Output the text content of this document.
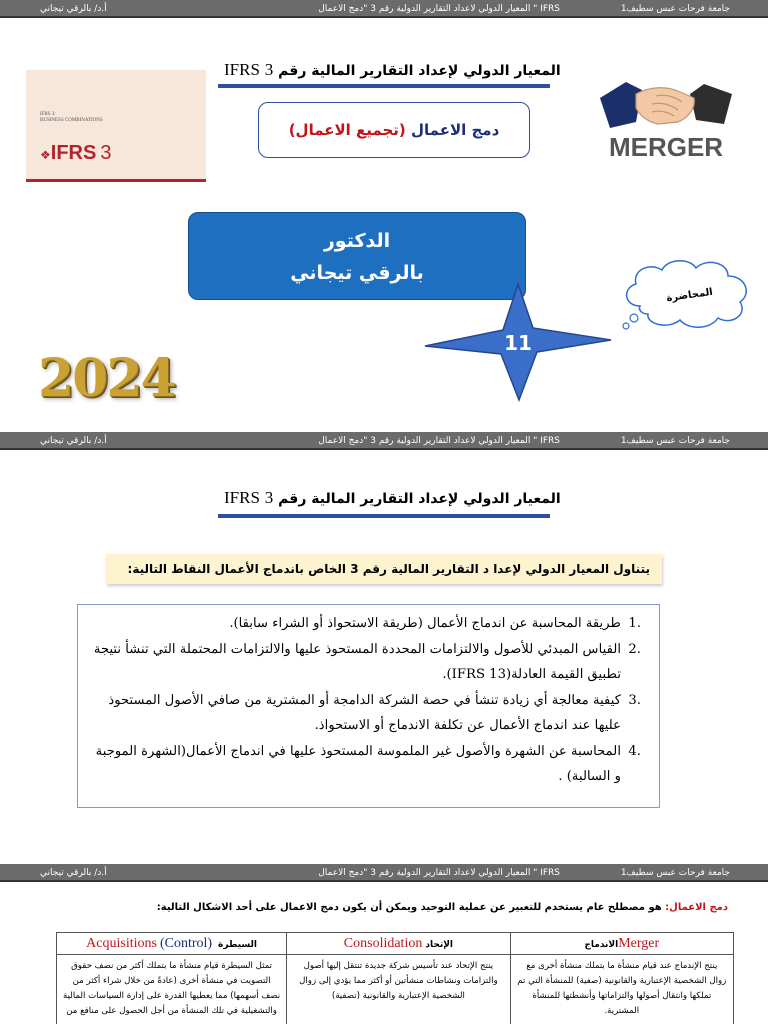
جامعة فرحات عبس سطيف1
المعيار الدولي لاعداد التقارير الدولية رقم 3 "دمج الاعمال " IFRS
أ.د/ بالرقي تيجاني
المعيار الدولي لإعداد التقارير المالية رقم 3 IFRS
IFRS 3:
BUSINESS COMBINATIONS
❖IFRS  3	MERGER
دمج الاعمال (تجميع الاعمال)
الدكتور
بالرقي تيجاني
11
المحاضرة
2024
جامعة فرحات عبس سطيف1
المعيار الدولي لاعداد التقارير الدولية رقم 3 "دمج الاعمال " IFRS
أ.د/ بالرقي تيجاني
المعيار الدولي لإعداد التقارير المالية رقم 3 IFRS
يتناول المعيار الدولي لإعدا د التقارير المالية رقم 3 الخاص باندماج الأعمال النقاط التالية:
.1
طريقة المحاسبة عن اندماج الأعمال (طريقة الاستحواذ أو الشراء سابقا).
.2
القياس المبدئي للأصول والالتزامات المحددة المستحوذ عليها والالتزامات المحتملة التي تنشأ نتيجة تطبيق القيمة العادلة(IFRS 13).
.3
كيفية معالجة أي زيادة تنشأ في حصة الشركة الدامجة أو المشترية من صافي الأصول المستحوذ عليها عند اندماج الأعمال عن تكلفة الاندماج أو الاستحواذ.
.4
المحاسبة عن الشهرة والأصول غير الملموسة المستحوذ عليها في اندماج الأعمال(الشهرة الموجبة و السالبة) .
جامعة فرحات عبس سطيف1
المعيار الدولي لاعداد التقارير الدولية رقم 3 "دمج الاعمال " IFRS
أ.د/ بالرقي تيجاني
دمج الاعمال: هو مصطلح عام يستخدم للتعبير عن عملية التوحيد ويمكن أن يكون دمج الاعمال على أحد الاشكال التالية:
Mergerالاندماج	الإتحاد Consolidation	السيطرة  Acquisitions (Control)
ينتج الإندماج عند قيام منشأة ما بتملك منشأة أخرى مع زوال الشخصية الإعتبارية والقانونية (صفية) للمنشأة التي تم تملكها وانتقال أصولها والتزاماتها وأنشطتها للمنشأة المشترية.	ينتج الإتحاد عند تأسيس شركة جديدة تنتقل إليها أصول والتزامات ونشاطات منشأتين أو أكثر مما يؤدي إلى زوال الشخصية الإعتبارية والقانونية (تصفية)	تمثل السيطرة قيام منشأة ما بتملك أكثر من نصف حقوق التصويت في منشأة أخرى (عادةً من خلال شراء أكثر من نصف أسهمها) مما يعطيها القدرة على إدارة السياسات المالية والتشغيلية في تلك المنشأة من أجل الحصول على منافع من
